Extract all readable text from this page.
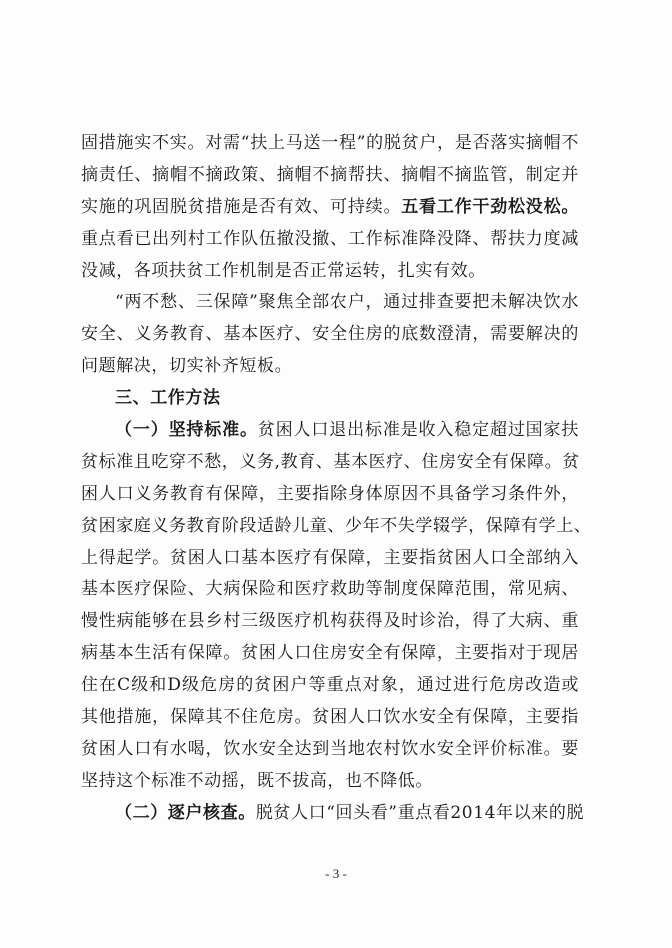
固措施实不实。对需“扶上马送一程”的脱贫户，是否落实摘帽不
摘责任、摘帽不摘政策、摘帽不摘帮扶、摘帽不摘监管，制定并
实施的巩固脱贫措施是否有效、可持续。五看工作干劲松没松。
重点看已出列村工作队伍撤没撤、工作标准降没降、帮扶力度减
没减，各项扶贫工作机制是否正常运转，扎实有效。
“两不愁、三保障”聚焦全部农户，通过排查要把未解决饮水
安全、义务教育、基本医疗、安全住房的底数澄清，需要解决的
问题解决，切实补齐短板。
三、工作方法
（一）坚持标准。贫困人口退出标准是收入稳定超过国家扶
贫标准且吃穿不愁，义务,教育、基本医疗、住房安全有保障。贫
困人口义务教育有保障，主要指除身体原因不具备学习条件外，
贫困家庭义务教育阶段适龄儿童、少年不失学辍学，保障有学上、
上得起学。贫困人口基本医疗有保障，主要指贫困人口全部纳入
基本医疗保险、大病保险和医疗救助等制度保障范围，常见病、
慢性病能够在县乡村三级医疗机构获得及时诊治，得了大病、重
病基本生活有保障。贫困人口住房安全有保障，主要指对于现居
住在C级和D级危房的贫困户等重点对象，通过进行危房改造或
其他措施，保障其不住危房。贫困人口饮水安全有保障，主要指
贫困人口有水喝，饮水安全达到当地农村饮水安全评价标准。要
坚持这个标准不动摇，既不拔高，也不降低。
（二）逐户核查。脱贫人口“回头看”重点看2014年以来的脱
- 3 -
